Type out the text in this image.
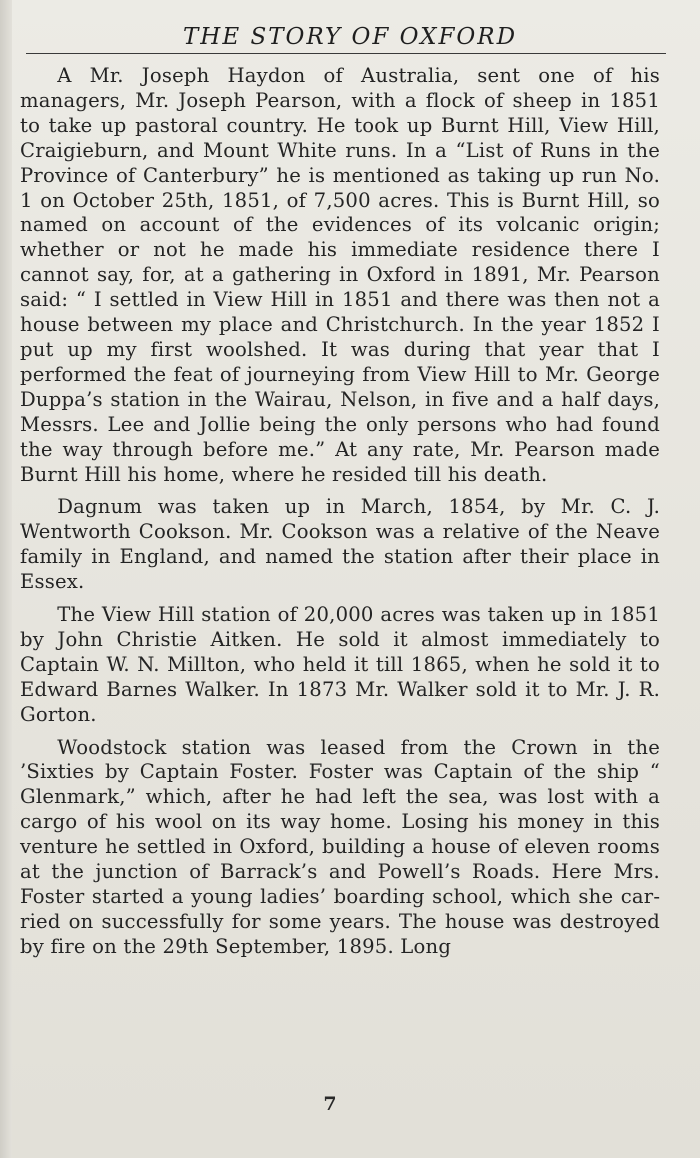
THE STORY OF OXFORD

A Mr. Joseph Haydon of Australia, sent one of his managers, Mr. Joseph Pearson, with a flock of sheep in 1851 to take up pastoral country. He took up Burnt Hill, View Hill, Craigieburn, and Mount White runs. In a “List of Runs in the Province of Canterbury” he is mentioned as taking up run No. 1 on October 25th, 1851, of 7,500 acres. This is Burnt Hill, so named on account of the evidences of its volcanic origin; whether or not he made his immediate residence there I cannot say, for, at a gathering in Oxford in 1891, Mr. Pearson said: “ I settled in View Hill in 1851 and there was then not a house between my place and Christchurch. In the year 1852 I put up my first woolshed. It was during that year that I performed the feat of journeying from View Hill to Mr. George Duppa’s station in the Wairau, Nelson, in five and a half days, Messrs. Lee and Jollie being the only persons who had found the way through before me.” At any rate, Mr. Pearson made Burnt Hill his home, where he resided till his death.

Dagnum was taken up in March, 1854, by Mr. C. J. Wentworth Cookson. Mr. Cookson was a relative of the Neave family in England, and named the station after their place in Essex.

The View Hill station of 20,000 acres was taken up in 1851 by John Christie Aitken. He sold it almost immediately to Captain W. N. Millton, who held it till 1865, when he sold it to Edward Barnes Walker. In 1873 Mr. Walker sold it to Mr. J. R. Gorton.

Woodstock station was leased from the Crown in the ’Sixties by Captain Foster. Foster was Captain of the ship “ Glenmark,” which, after he had left the sea, was lost with a cargo of his wool on its way home. Losing his money in this venture he settled in Oxford, building a house of eleven rooms at the junction of Barrack’s and Powell’s Roads. Here Mrs. Foster started a young ladies’ boarding school, which she carried on successfully for some years. The house was destroyed by fire on the 29th September, 1895. Long

7
